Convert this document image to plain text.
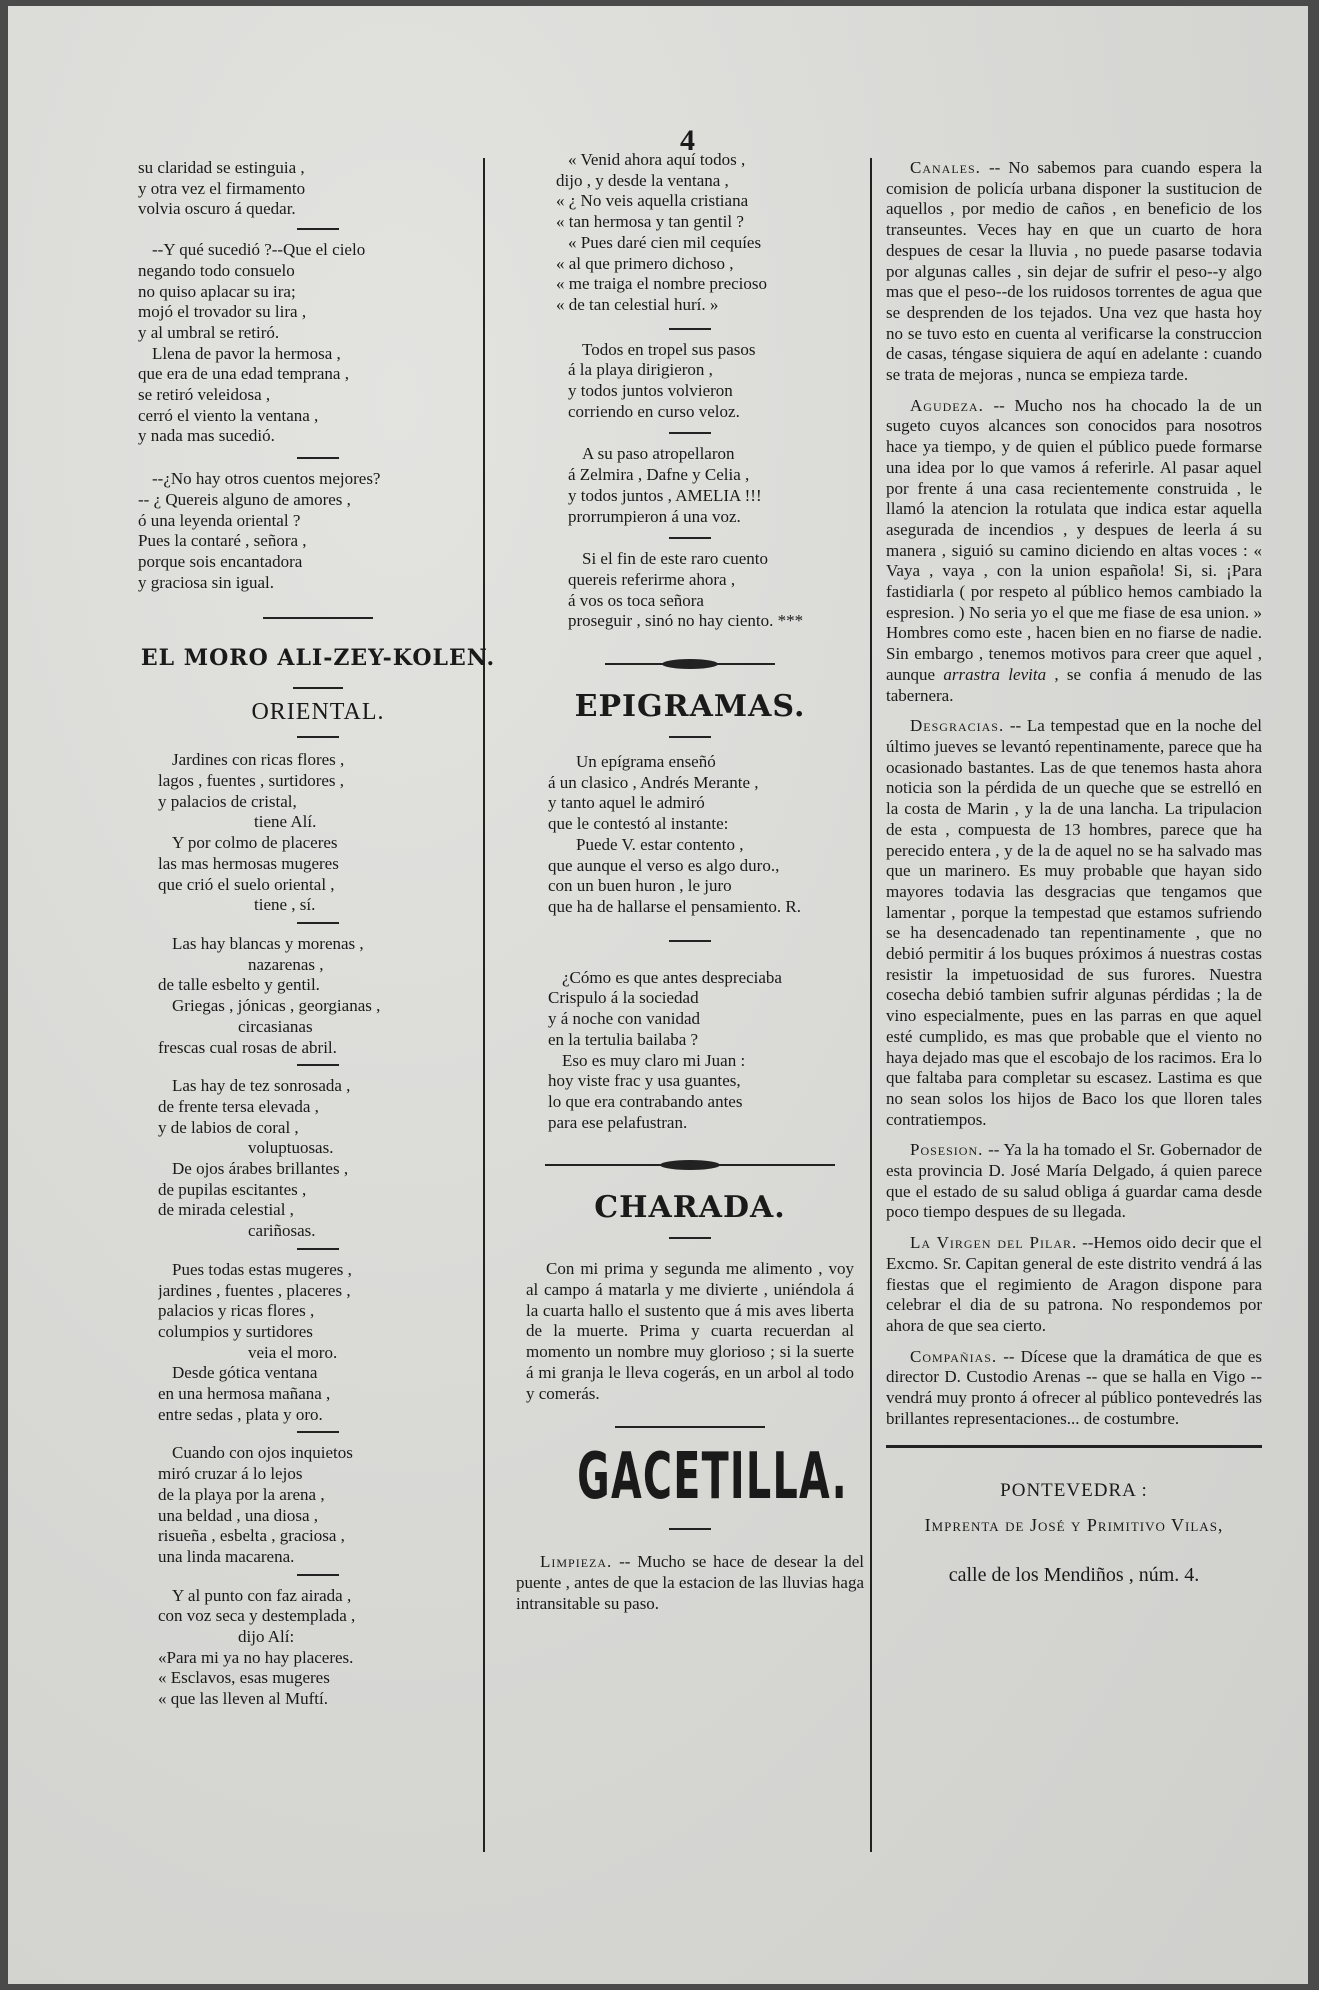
4
su claridad se estinguia ,
y otra vez el firmamento
volvia oscuro á quedar.
--Y qué sucedió ?--Que el cielo
negando todo consuelo
no quiso aplacar su ira;
mojó el trovador su lira ,
y al umbral se retiró.
Llena de pavor la hermosa ,
que era de una edad temprana ,
se retiró veleidosa ,
cerró el viento la ventana ,
y nada mas sucedió.
--¿No hay otros cuentos mejores?
-- ¿ Quereis alguno de amores ,
ó una leyenda oriental ?
Pues la contaré , señora ,
porque sois encantadora
y graciosa sin igual.
EL MORO ALI-ZEY-KOLEN.
ORIENTAL.
Jardines con ricas flores ,
lagos , fuentes , surtidores ,
y palacios de cristal,
tiene Alí.
Y por colmo de placeres
las mas hermosas mugeres
que crió el suelo oriental ,
tiene , sí.
Las hay blancas y morenas ,
nazarenas ,
de talle esbelto y gentil.
Griegas , jónicas , georgianas ,
circasianas
frescas cual rosas de abril.
Las hay de tez sonrosada ,
de frente tersa elevada ,
y de labios de coral ,
voluptuosas.
De ojos árabes brillantes ,
de pupilas escitantes ,
de mirada celestial ,
cariñosas.
Pues todas estas mugeres ,
jardines , fuentes , placeres ,
palacios y ricas flores ,
columpios y surtidores
veia el moro.
Desde gótica ventana
en una hermosa mañana ,
entre sedas , plata y oro.
Cuando con ojos inquietos
miró cruzar á lo lejos
de la playa por la arena ,
una beldad , una diosa ,
risueña , esbelta , graciosa ,
una linda macarena.
Y al punto con faz airada ,
con voz seca y destemplada ,
dijo Alí:
«Para mi ya no hay placeres.
« Esclavos, esas mugeres
« que las lleven al Muftí.
« Venid ahora aquí todos ,
dijo , y desde la ventana ,
« ¿ No veis aquella cristiana
« tan hermosa y tan gentil ?
« Pues daré cien mil cequíes
« al que primero dichoso ,
« me traiga el nombre precioso
« de tan celestial hurí. »
Todos en tropel sus pasos
á la playa dirigieron ,
y todos juntos volvieron
corriendo en curso veloz.
A su paso atropellaron
á Zelmira , Dafne y Celia ,
y todos juntos , AMELIA !!!
prorrumpieron á una voz.
Si el fin de este raro cuento
quereis referirme ahora ,
á vos os toca señora
proseguir , sinó no hay ciento. ***
EPIGRAMAS.
Un epígrama enseñó
á un clasico , Andrés Merante ,
y tanto aquel le admiró
que le contestó al instante:
Puede V. estar contento ,
que aunque el verso es algo duro.,
con un buen huron , le juro
que ha de hallarse el pensamiento. R.
¿Cómo es que antes despreciaba
Crispulo á la sociedad
y á noche con vanidad
en la tertulia bailaba ?
Eso es muy claro mi Juan :
hoy viste frac y usa guantes,
lo que era contrabando antes
para ese pelafustran.
CHARADA.

Con mi prima y segunda me alimento , voy al campo á matarla y me divierte , uniéndola á la cuarta hallo el sustento que á mis aves liberta de la muerte. Prima y cuarta recuerdan al momento un nombre muy glorioso ; si la suerte á mi granja le lleva cogerás, en un arbol al todo y comerás.

GACETILLA.

Limpieza. -- Mucho se hace de desear la del puente , antes de que la estacion de las lluvias haga intransitable su paso.

Canales. -- No sabemos para cuando espera la comision de policía urbana disponer la sustitucion de aquellos , por medio de caños , en beneficio de los transeuntes. Veces hay en que un cuarto de hora despues de cesar la lluvia , no puede pasarse todavia por algunas calles , sin dejar de sufrir el peso--y algo mas que el peso--de los ruidosos torrentes de agua que se desprenden de los tejados. Una vez que hasta hoy no se tuvo esto en cuenta al verificarse la construccion de casas, téngase siquiera de aquí en adelante : cuando se trata de mejoras , nunca se empieza tarde.

Agudeza. -- Mucho nos ha chocado la de un sugeto cuyos alcances son conocidos para nosotros hace ya tiempo, y de quien el público puede formarse una idea por lo que vamos á referirle. Al pasar aquel por frente á una casa recientemente construida , le llamó la atencion la rotulata que indica estar aquella asegurada de incendios , y despues de leerla á su manera , siguió su camino diciendo en altas voces : « Vaya , vaya , con la union española! Si, si. ¡Para fastidiarla ( por respeto al público hemos cambiado la espresion. ) No seria yo el que me fiase de esa union. » Hombres como este , hacen bien en no fiarse de nadie. Sin embargo , tenemos motivos para creer que aquel , aunque arrastra levita , se confia á menudo de las tabernera.

Desgracias. -- La tempestad que en la noche del último jueves se levantó repentinamente, parece que ha ocasionado bastantes. Las de que tenemos hasta ahora noticia son la pérdida de un queche que se estrelló en la costa de Marin , y la de una lancha. La tripulacion de esta , compuesta de 13 hombres, parece que ha perecido entera , y de la de aquel no se ha salvado mas que un marinero. Es muy probable que hayan sido mayores todavia las desgracias que tengamos que lamentar , porque la tempestad que estamos sufriendo se ha desencadenado tan repentinamente , que no debió permitir á los buques próximos á nuestras costas resistir la impetuosidad de sus furores. Nuestra cosecha debió tambien sufrir algunas pérdidas ; la de vino especialmente, pues en las parras en que aquel esté cumplido, es mas que probable que el viento no haya dejado mas que el escobajo de los racimos. Era lo que faltaba para completar su escasez. Lastima es que no sean solos los hijos de Baco los que lloren tales contratiempos.

Posesion. -- Ya la ha tomado el Sr. Gobernador de esta provincia D. José María Delgado, á quien parece que el estado de su salud obliga á guardar cama desde poco tiempo despues de su llegada.

La Virgen del Pilar. --Hemos oido decir que el Excmo. Sr. Capitan general de este distrito vendrá á las fiestas que el regimiento de Aragon dispone para celebrar el dia de su patrona. No respondemos por ahora de que sea cierto.

Compañias. -- Dícese que la dramática de que es director D. Custodio Arenas -- que se halla en Vigo -- vendrá muy pronto á ofrecer al público pontevedrés las brillantes representaciones... de costumbre.

PONTEVEDRA :
Imprenta de José y Primitivo Vilas,
calle de los Mendiños , núm. 4.
